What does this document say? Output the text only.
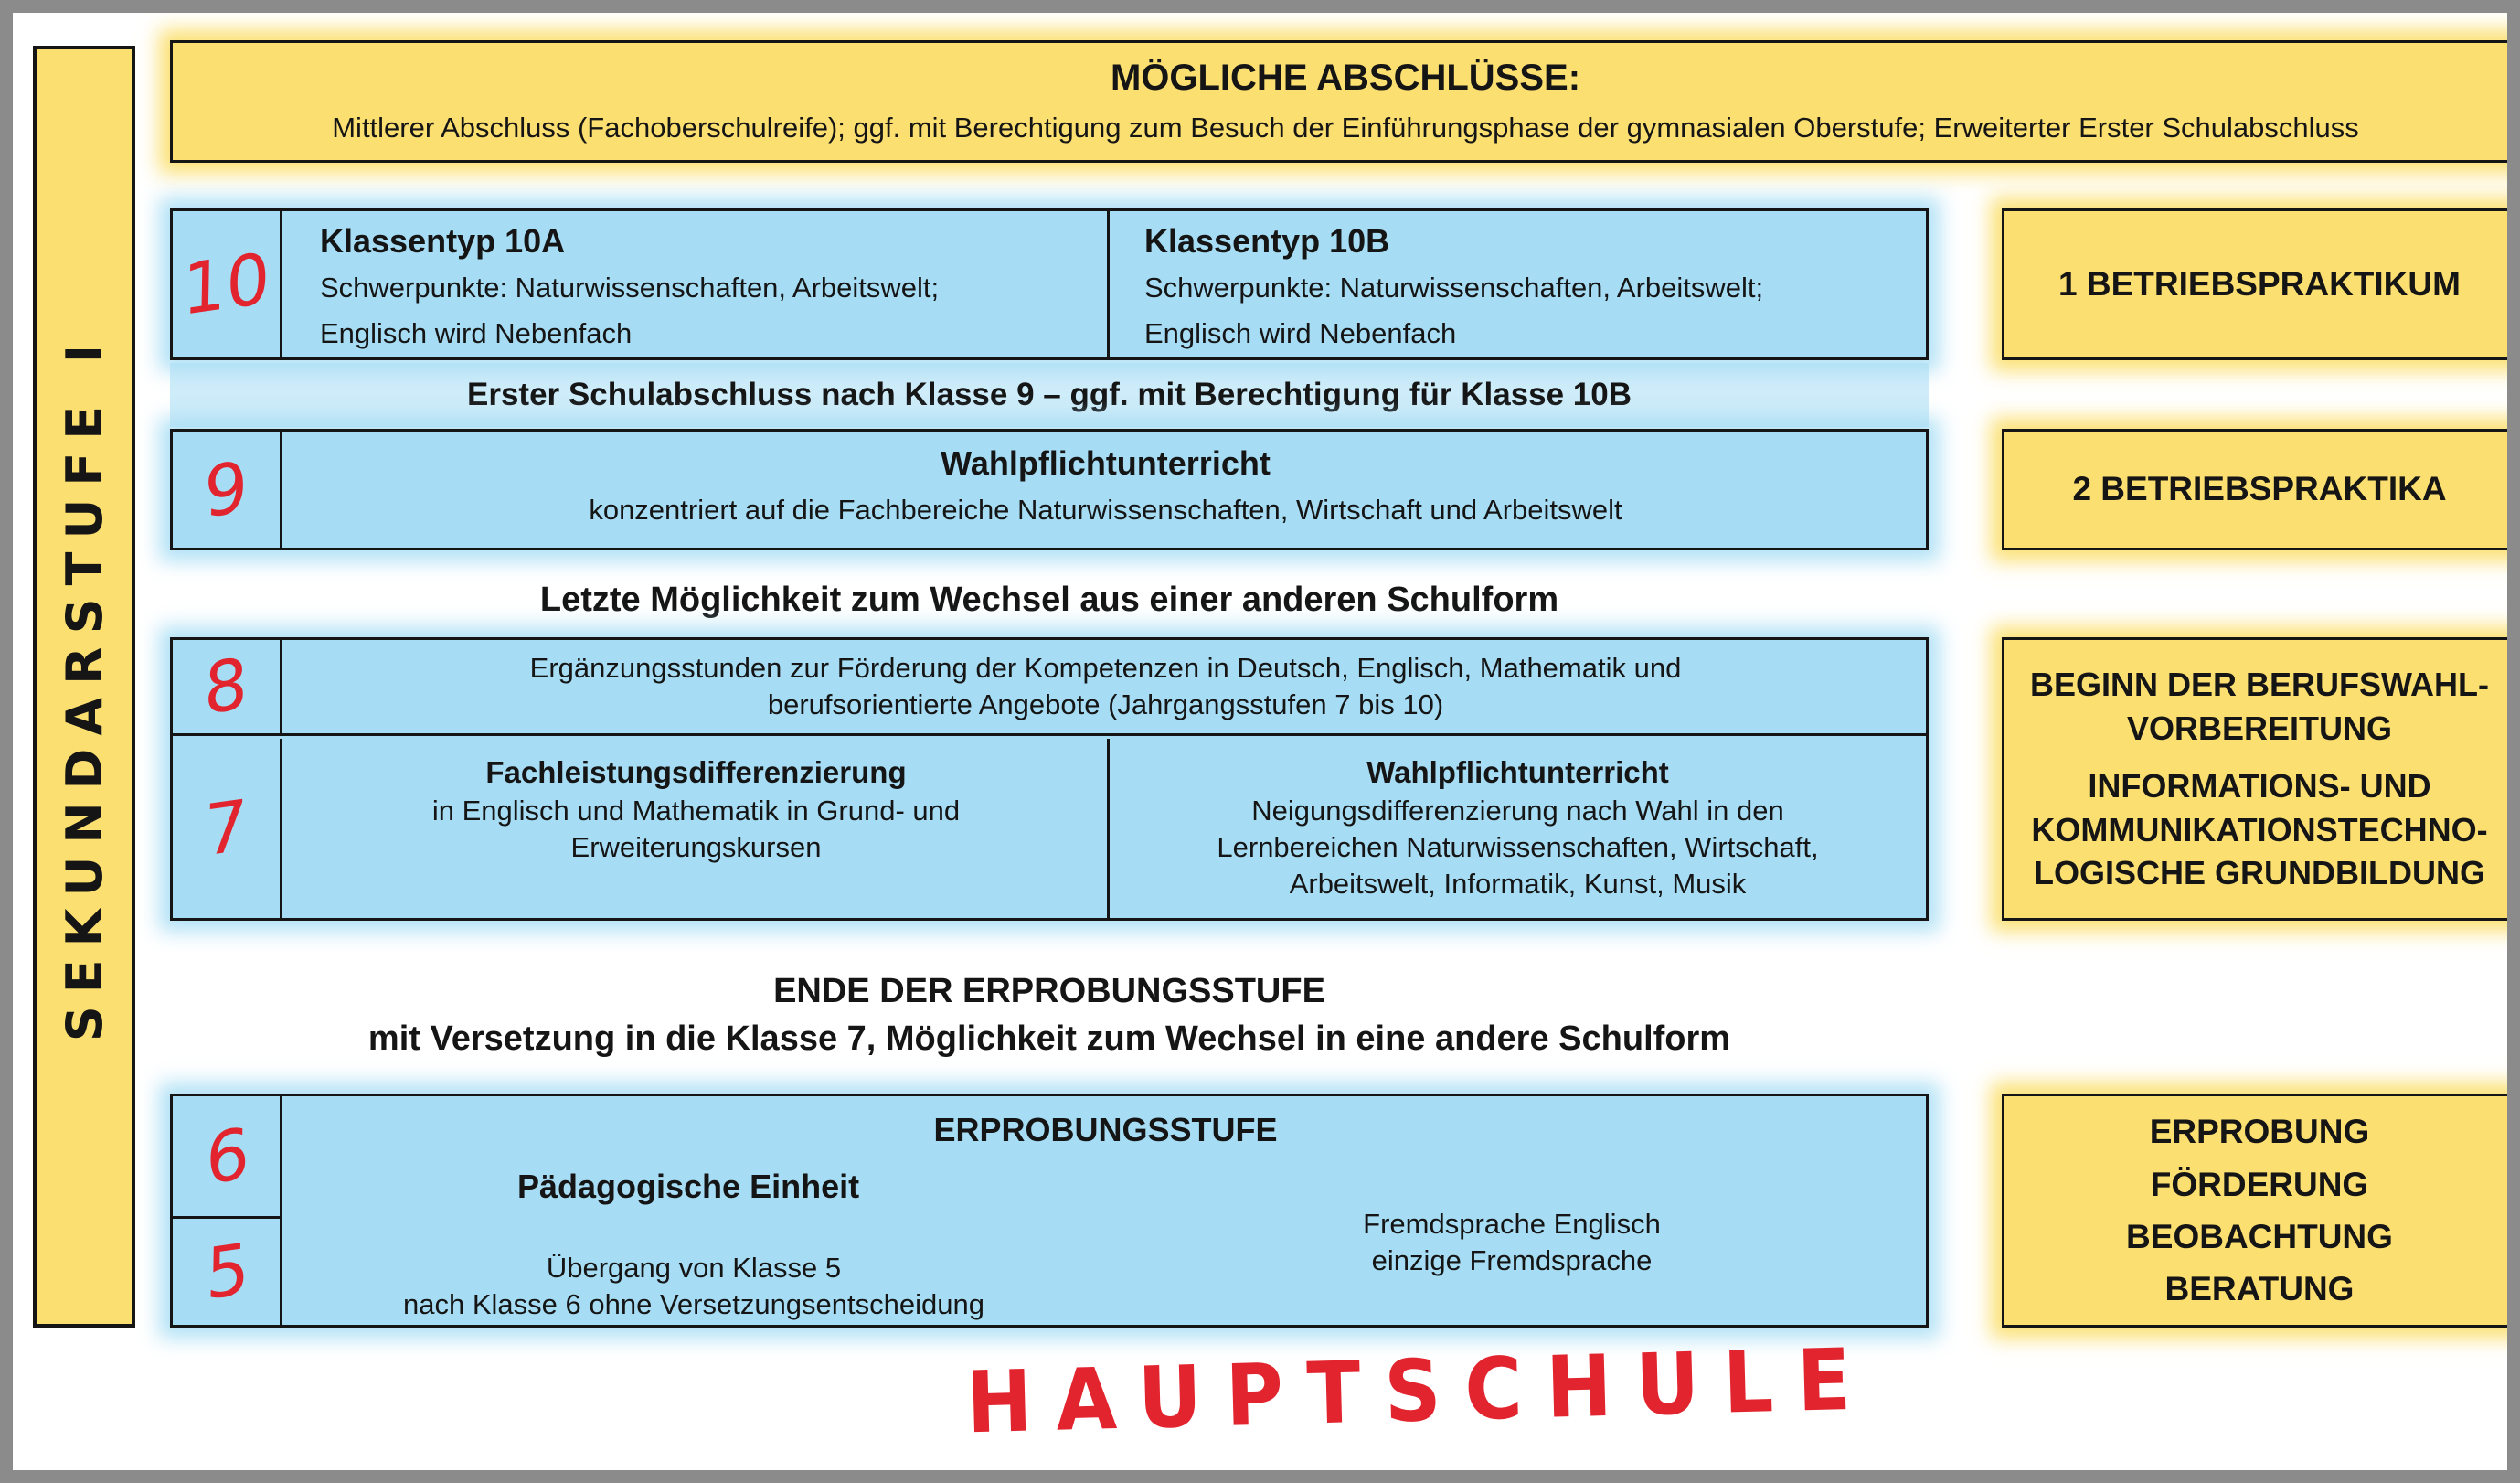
SEKUNDARSTUFE I
MÖGLICHE ABSCHLÜSSE:
Mittlerer Abschluss (Fachoberschulreife); ggf. mit Berechtigung zum Besuch der Einführungsphase der gymnasialen Oberstufe; Erweiterter Erster Schulabschluss
10 Klassentyp 10A
Schwerpunkte: Naturwissenschaften, Arbeitswelt;
Englisch wird Nebenfach
Klassentyp 10B
Schwerpunkte: Naturwissenschaften, Arbeitswelt;
Englisch wird Nebenfach
Erster Schulabschluss nach Klasse 9 – ggf. mit Berechtigung für Klasse 10B
9	Wahlpflichtunterricht
konzentriert auf die Fachbereiche Naturwissenschaften, Wirtschaft und Arbeitswelt
Letzte Möglichkeit zum Wechsel aus einer anderen Schulform
8	Ergänzungsstunden zur Förderung der Kompetenzen in Deutsch, Englisch, Mathematik und
berufsorientierte Angebote (Jahrgangsstufen 7 bis 10)
7
Fachleistungsdifferenzierung
in Englisch und Mathematik in Grund- und
Erweiterungskursen
Wahlpflichtunterricht
Neigungsdifferenzierung nach Wahl in den
Lernbereichen Naturwissenschaften, Wirtschaft,
Arbeitswelt, Informatik, Kunst, Musik
ENDE DER ERPROBUNGSSTUFE
mit Versetzung in die Klasse 7, Möglichkeit zum Wechsel in eine andere Schulform
6
5
ERPROBUNGSSTUFE
Pädagogische Einheit
Fremdsprache Englisch
einzige Fremdsprache
Übergang von Klasse 5
nach Klasse 6 ohne Versetzungsentscheidung
1 BETRIEBSPRAKTIKUM
2 BETRIEBSPRAKTIKA
BEGINN DER BERUFSWAHL-
VORBEREITUNG
INFORMATIONS- UND
KOMMUNIKATIONSTECHNO-
LOGISCHE GRUNDBILDUNG
ERPROBUNG
FÖRDERUNG
BEOBACHTUNG
BERATUNG
HAUPTSCHULE
